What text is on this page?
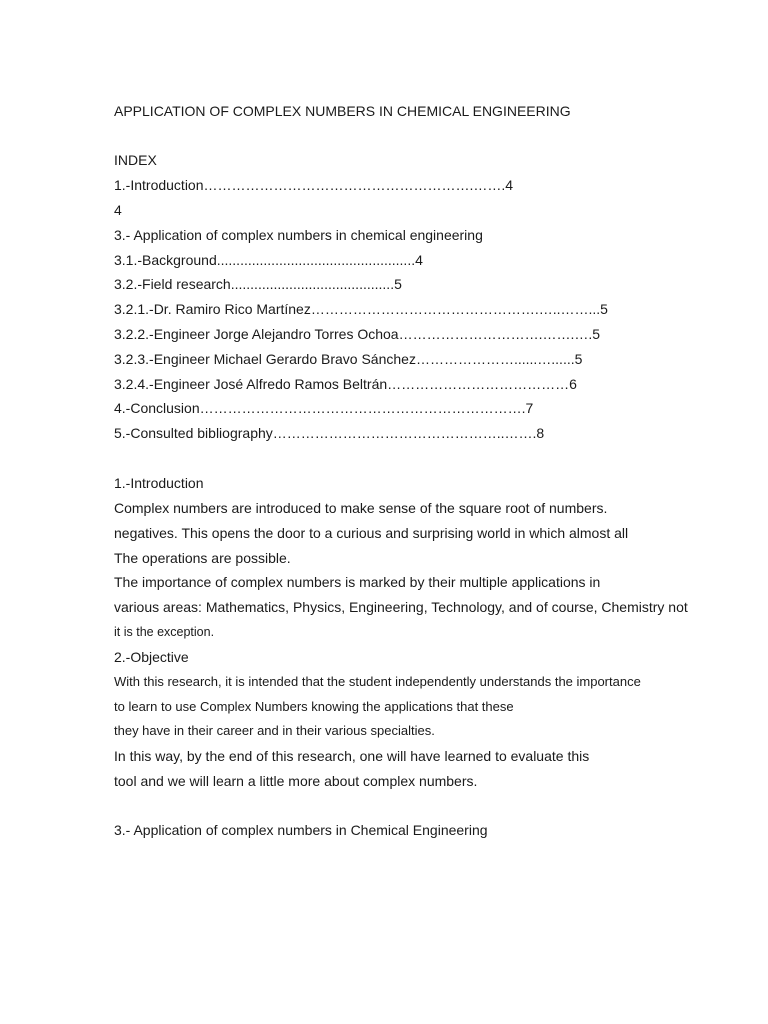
APPLICATION OF COMPLEX NUMBERS IN CHEMICAL ENGINEERING

INDEX

1.-Introduction………………………………………………….…….4

4

3.- Application of complex numbers in chemical engineering

3.1.-Background...................................................4

3.2.-Field research..........................................5

3.2.1.-Dr. Ramiro Rico Martínez………………………………………….…..……...5

3.2.2.-Engineer Jorge Alejandro Torres Ochoa………………………….…….….5

3.2.3.-Engineer Michael Gerardo Bravo Sánchez…………………......…......5

3.2.4.-Engineer José Alfredo Ramos Beltrán…………………………………6

4.-Conclusion…………………………………………………………….7

5.-Consulted bibliography…………………………………………..…….8

1.-Introduction

Complex numbers are introduced to make sense of the square root of numbers.

negatives. This opens the door to a curious and surprising world in which almost all

The operations are possible.

The importance of complex numbers is marked by their multiple applications in

various areas: Mathematics, Physics, Engineering, Technology, and of course, Chemistry not

it is the exception.

2.-Objective

With this research, it is intended that the student independently understands the importance

to learn to use Complex Numbers knowing the applications that these

they have in their career and in their various specialties.

In this way, by the end of this research, one will have learned to evaluate this

tool and we will learn a little more about complex numbers.

3.- Application of complex numbers in Chemical Engineering
